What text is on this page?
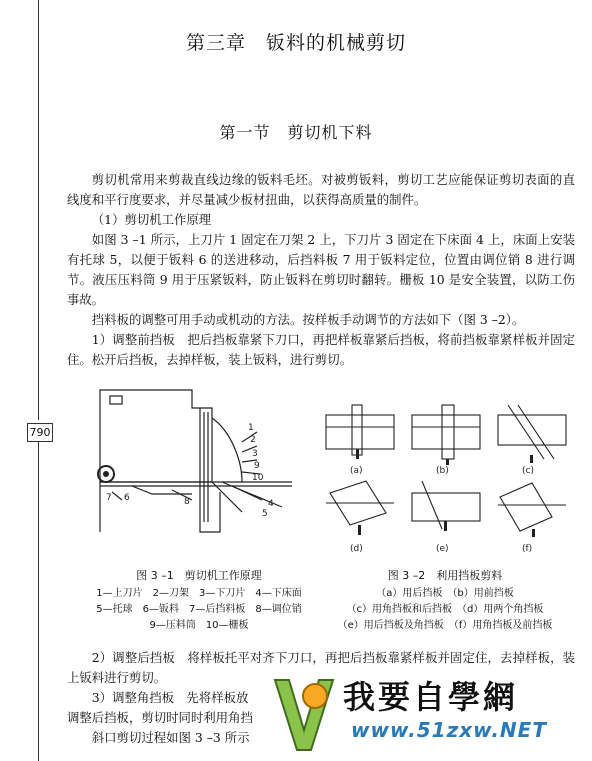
790
第三章　钣料的机械剪切
第一节　剪切机下料

剪切机常用来剪裁直线边缘的钣料毛坯。对被剪钣料，剪切工艺应能保证剪切表面的直线度和平行度要求，并尽量减少板材扭曲，以获得高质量的制件。

（1）剪切机工作原理

如图 3 –1 所示，上刀片 1 固定在刀架 2 上，下刀片 3 固定在下床面 4 上，床面上安装有托球 5，以便于钣料 6 的送进移动，后挡料板 7 用于钣料定位，位置由调位销 8 进行调节。液压压料筒 9 用于压紧钣料，防止钣料在剪切时翻转。栅板 10 是安全装置，以防工伤事故。

挡料板的调整可用手动或机动的方法。按样板手动调节的方法如下（图 3 –2）。

1）调整前挡板　把后挡板靠紧下刀口，再把样板靠紧后挡板，将前挡板靠紧样板并固定住。松开后挡板，去掉样板，装上钣料，进行剪切。

1
2
3
4
5
6
7	8
9
10
(a)	(b)	(c)
(d)	(e)	(f)
图 3 –1　剪切机工作原理
1—上刀片　2—刀架　3—下刀片　4—下床面
5—托球　6—钣料　7—后挡料板　8—调位销
9—压料筒　10—栅板
图 3 –2　利用挡板剪料
（a）用后挡板　（b）用前挡板
（c）用角挡板和后挡板　（d）用两个角挡板
（e）用后挡板及角挡板　（f）用角挡板及前挡板

2）调整后挡板　将样板托平对齐下刀口，再把后挡板靠紧样板并固定住，去掉样板，装上钣料进行剪切。

3）调整角挡板　先将样板放

调整后挡板，剪切时同时利用角挡

斜口剪切过程如图 3 –3 所示

我要自學網
www.51zxw.NET
